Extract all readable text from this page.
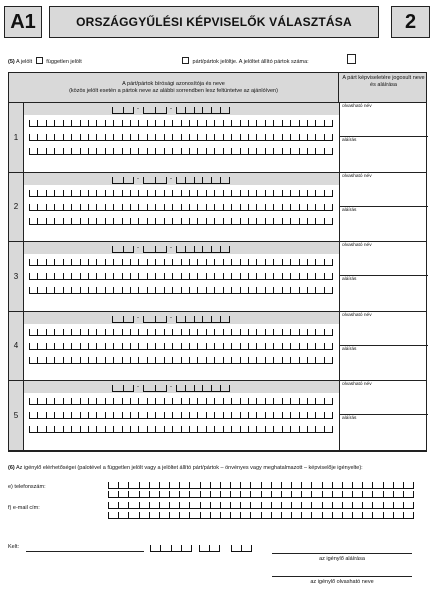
A1	ORSZÁGGYŰLÉSI KÉPVISELŐK VÁLASZTÁSA	2
(5) A jelölt	független jelölt	párt/pártok jelöltje. A jelöltet állító pártok száma:
A párt/pártok bírósági azonosítója és neve
(közös jelölt esetén a pártok neve az alábbi sorrendben lesz feltüntetve az ajánlóíven)
A párt képviseletére jogosult neve és aláírása
1
-	-	olvasható név
aláírás
2
-	-	olvasható név
aláírás
3
-	-	olvasható név
aláírás
4
-	-	olvasható név
aláírás
5
-	-	olvasható név
aláírás
(6) Az igénylő elérhetőségei (palotével a független jelölt vagy a jelöltet állító párt/pártok – önvényes vagy meghatalmazott – képviselője igényelte):
e) telefonszám:
f) e-mail cím:
Kelt:
az igénylő aláírása
az igénylő olvasható neve
